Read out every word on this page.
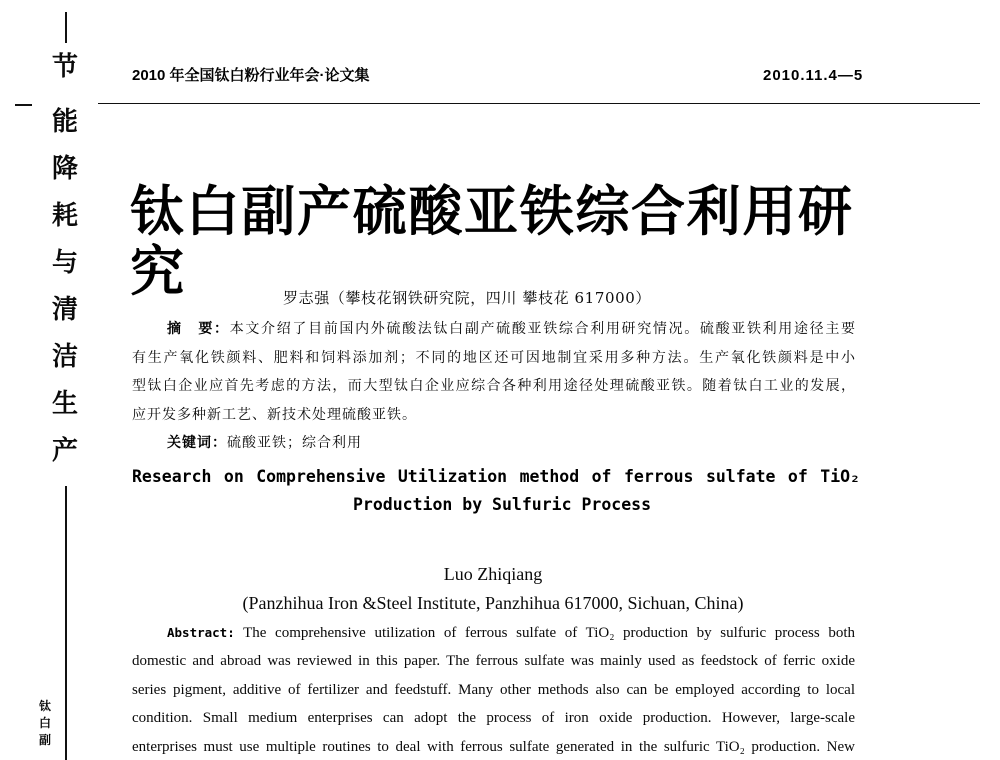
节
能
降
耗
与
清
洁
生
产
钛
白
副
2010 年全国钛白粉行业年会·论文集	2010.11.4—5
钛白副产硫酸亚铁综合利用研究	罗志强（攀枝花钢铁研究院，四川 攀枝花 617000）
摘　要：本文介绍了目前国内外硫酸法钛白副产硫酸亚铁综合利用研究情况。硫酸亚铁利用途径主要
有生产氧化铁颜料、肥料和饲料添加剂；不同的地区还可因地制宜采用多种方法。生产氧化铁颜料是中小
型钛白企业应首先考虑的方法，而大型钛白企业应综合各种利用途径处理硫酸亚铁。随着钛白工业的发展，
应开发多种新工艺、新技术处理硫酸亚铁。
关键词：硫酸亚铁；综合利用
Research on Comprehensive Utilization method of ferrous sulfate of TiO₂
Production by Sulfuric Process
Luo Zhiqiang
(Panzhihua Iron &Steel Institute, Panzhihua 617000, Sichuan, China)
Abstract: The comprehensive utilization of ferrous sulfate of TiO₂ production by sulfuric process both
domestic and abroad was reviewed in this paper. The ferrous sulfate was mainly used as feedstock of ferric oxide
series pigment, additive of fertilizer and feedstuff. Many other methods also can be employed according to local
condition. Small medium enterprises can adopt the process of iron oxide production. However, large-scale
enterprises must use multiple routines to deal with ferrous sulfate generated in the sulfuric TiO₂ production. New
